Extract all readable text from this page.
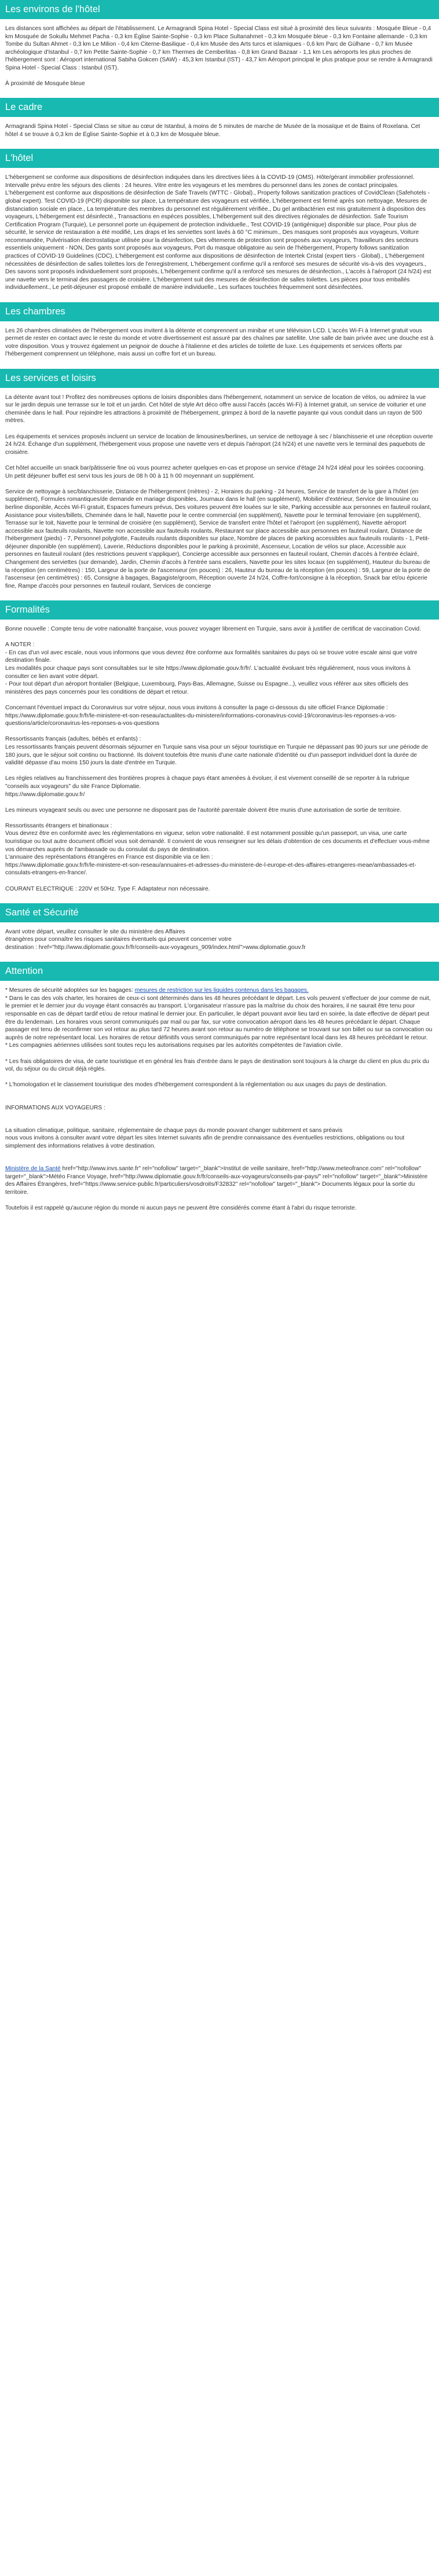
Les environs de l'hôtel

Les distances sont affichées au départ de l'établissement. Le Armagrandi Spina Hotel - Special Class est situé à proximité des lieux suivants : Mosquée Bleue - 0,4 km Mosquée de Sokullu Mehmet Pacha - 0,3 km Église Sainte-Sophie - 0,3 km Place Sultanahmet - 0,3 km Mosquée bleue - 0,3 km Fontaine allemande - 0,3 km Tombe du Sultan Ahmet - 0,3 km Le Milion - 0,4 km Citerne-Basilique - 0,4 km Musée des Arts turcs et islamiques - 0,6 km Parc de Gülhane - 0,7 km Musée archéologique d'Istanbul - 0,7 km Petite Sainte-Sophie - 0,7 km Thermes de Cemberlitas - 0,8 km Grand Bazaar - 1,1 km Les aéroports les plus proches de l'hébergement sont : Aéroport international Sabiha Gokcen (SAW) - 45,3 km Istanbul (IST) - 43,7 km Aéroport principal le plus pratique pour se rendre à Armagrandi Spina Hotel - Special Class : Istanbul (IST).

À proximité de Mosquée bleue

Le cadre

Armagrandi Spina Hotel - Special Class se situe au cœur de Istanbul, à moins de 5 minutes de marche de Musée de la mosaïque et de Bains of Roxelana. Cet hôtel 4 se trouve à 0,3 km de Église Sainte-Sophie et à 0,3 km de Mosquée bleue.

L'hôtel

L'hébergement se conforme aux dispositions de désinfection indiquées dans les directives liées à la COVID-19 (OMS). Hôte/gérant immobilier professionnel. Intervalle prévu entre les séjours des clients : 24 heures. Vitre entre les voyageurs et les membres du personnel dans les zones de contact principales. L'hébergement est conforme aux dispositions de désinfection de Safe Travels (WTTC - Global)., Property follows sanitization practices of CovidClean (Safehotels - global expert). Test COVID-19 (PCR) disponible sur place, La température des voyageurs est vérifiée, L'hébergement est fermé après son nettoyage, Mesures de distanciation sociale en place., La température des membres du personnel est régulièrement vérifiée., Du gel antibactérien est mis gratuitement à disposition des voyageurs, L'hébergement est désinfecté., Transactions en espèces possibles, L'hébergement suit des directives régionales de désinfection. Safe Tourism Certification Program (Turquie), Le personnel porte un équipement de protection individuelle., Test COVID-19 (antigénique) disponible sur place, Pour plus de sécurité, le service de restauration a été modifié, Les draps et les serviettes sont lavés à 60 °C minimum., Des masques sont proposés aux voyageurs, Voiture recommandée, Pulvérisation électrostatique utilisée pour la désinfection, Des vêtements de protection sont proposés aux voyageurs, Travailleurs des secteurs essentiels uniquement - NON, Des gants sont proposés aux voyageurs, Port du masque obligatoire au sein de l'hébergement, Property follows sanitization practices of COVID-19 Guidelines (CDC), L'hébergement est conforme aux dispositions de désinfection de Intertek Cristal (expert tiers - Global)., L'hébergement nécessitées de désinfection de salles toilettes lors de l'enregistrement, L'hébergement confirme qu'il a renforcé ses mesures de sécurité vis-à-vis des voyageurs., Des savons sont proposés individuellement sont proposés, L'hébergement confirme qu'il a renforcé ses mesures de désinfection., L'accès à l'aéroport (24 h/24) est une navette vers le terminal des passagers de croisière. L'hébergement suit des mesures de désinfection de salles toilettes. Les pièces pour tous emballés individuellement., Le petit-déjeuner est proposé emballé de manière individuelle., Les surfaces touchées fréquemment sont désinfectées.

Les chambres

Les 26 chambres climatisées de l'hébergement vous invitent à la détente et comprennent un minibar et une télévision LCD. L'accès Wi-Fi à Internet gratuit vous permet de rester en contact avec le reste du monde et votre divertissement est assuré par des chaînes par satellite. Une salle de bain privée avec une douche est à votre disposition. Vous y trouvez également un peignoir de douche à l'italienne et des articles de toilette de luxe. Les équipements et services offerts par l'hébergement comprennent un téléphone, mais aussi un coffre fort et un bureau.

Les services et loisirs

La détente avant tout ! Profitez des nombreuses options de loisirs disponibles dans l'hébergement, notamment un service de location de vélos, ou admirez la vue sur le jardin depuis une terrasse sur le toit et un jardin. Cet hôtel de style Art déco offre aussi l'accès (accès Wi-Fi) à Internet gratuit, un service de voiturier et une cheminée dans le hall. Pour rejoindre les attractions à proximité de l'hébergement, grimpez à bord de la navette payante qui vous conduit dans un rayon de 500 mètres.

Les équipements et services proposés incluent un service de location de limousines/berlines, un service de nettoyage à sec / blanchisserie et une réception ouverte 24 h/24. Échange d'un supplément, l'hébergement vous propose une navette vers et depuis l'aéroport (24 h/24) et une navette vers le terminal des paquebots de croisière.

Cet hôtel accueille un snack bar/pâtisserie fine où vous pourrez acheter quelques en-cas et propose un service d'étage 24 h/24 idéal pour les soirées cocooning. Un petit déjeuner buffet est servi tous les jours de 08 h 00 à 11 h 00 moyennant un supplément.

Service de nettoyage à sec/blanchisserie, Distance de l'hébergement (mètres) - 2, Horaires du parking - 24 heures, Service de transfert de la gare à l'hôtel (en supplément), Formules romantiques/de demande en mariage disponibles, Journaux dans le hall (en supplément), Mobilier d'extérieur, Service de limousine ou berline disponible, Accès Wi-Fi gratuit, Espaces fumeurs prévus, Des voitures peuvent être louées sur le site, Parking accessible aux personnes en fauteuil roulant, Assistance pour visites/billets, Cheminée dans le hall, Navette pour le centre commercial (en supplément), Navette pour le terminal ferroviaire (en supplément), Terrasse sur le toit, Navette pour le terminal de croisière (en supplément), Service de transfert entre l'hôtel et l'aéroport (en supplément), Navette aéroport accessible aux fauteuils roulants, Navette non accessible aux fauteuils roulants, Restaurant sur place accessible aux personnes en fauteuil roulant, Distance de l'hébergement (pieds) - 7, Personnel polyglotte, Fauteuils roulants disponibles sur place, Nombre de places de parking accessibles aux fauteuils roulants - 1, Petit-déjeuner disponible (en supplément), Laverie, Réductions disponibles pour le parking à proximité, Ascenseur, Location de vélos sur place, Accessible aux personnes en fauteuil roulant (des restrictions peuvent s'appliquer), Concierge accessible aux personnes en fauteuil roulant, Chemin d'accès à l'entrée éclairé, Changement des serviettes (sur demande), Jardin, Chemin d'accès à l'entrée sans escaliers, Navette pour les sites locaux (en supplément), Hauteur du bureau de la réception (en centimètres) : 150, Largeur de la porte de l'ascenseur (en pouces) : 26, Hauteur du bureau de la réception (en pouces) : 59, Largeur de la porte de l'ascenseur (en centimètres) : 65, Consigne à bagages, Bagagiste/groom, Réception ouverte 24 h/24, Coffre-fort/consigne à la réception, Snack bar et/ou épicerie fine, Rampe d'accès pour personnes en fauteuil roulant, Services de concierge

Formalités

Bonne nouvelle : Compte tenu de votre nationalité française, vous pouvez voyager librement en Turquie, sans avoir à justifier de certificat de vaccination Covid.

A NOTER :
- En cas d'un vol avec escale, nous vous informons que vous devrez être conforme aux formalités sanitaires du pays où se trouve votre escale ainsi que votre destination finale.
Les modalités pour chaque pays sont consultables sur le site https://www.diplomatie.gouv.fr/fr/. L'actualité évoluant très régulièrement, nous vous invitons à consulter ce lien avant votre départ.
- Pour tout départ d'un aéroport frontalier (Belgique, Luxembourg, Pays-Bas, Allemagne, Suisse ou Espagne...), veuillez vous référer aux sites officiels des ministères des pays concernés pour les conditions de départ et retour.

Concernant l'éventuel impact du Coronavirus sur votre séjour, nous vous invitons à consulter la page ci-dessous du site officiel France Diplomatie :
https://www.diplomatie.gouv.fr/fr/le-ministere-et-son-reseau/actualites-du-ministere/informations-coronavirus-covid-19/coronavirus-les-reponses-a-vos-questions/article/coronavirus-les-reponses-a-vos-questions

Ressortissants français (adultes, bébés et enfants) :
Les ressortissants français peuvent désormais séjourner en Turquie sans visa pour un séjour touristique en Turquie ne dépassant pas 90 jours sur une période de 180 jours, que le séjour soit continu ou fractionné. Ils doivent toutefois être munis d'une carte nationale d'identité ou d'un passeport individuel dont la durée de validité dépasse d'au moins 150 jours la date d'entrée en Turquie.

Les règles relatives au franchissement des frontières propres à chaque pays étant amenées à évoluer, il est vivement conseillé de se reporter à la rubrique "conseils aux voyageurs" du site France Diplomatie.
https://www.diplomatie.gouv.fr/

Les mineurs voyageant seuls ou avec une personne ne disposant pas de l'autorité parentale doivent être munis d'une autorisation de sortie de territoire.

Ressortissants étrangers et binationaux :
Vous devrez être en conformité avec les réglementations en vigueur, selon votre nationalité. Il est notamment possible qu'un passeport, un visa, une carte touristique ou tout autre document officiel vous soit demandé. Il convient de vous renseigner sur les délais d'obtention de ces documents et d'effectuer vous-même vos démarches auprès de l'ambassade ou du consulat du pays de destination.
L'annuaire des représentations étrangères en France est disponible via ce lien :
https://www.diplomatie.gouv.fr/fr/le-ministere-et-son-reseau/annuaires-et-adresses-du-ministere-de-l-europe-et-des-affaires-etrangeres-meae/ambassades-et-consulats-etrangers-en-france/.

COURANT ELECTRIQUE : 220V et 50Hz. Type F. Adaptateur non nécessaire.

Santé et Sécurité

Avant votre départ, veuillez consulter le site du ministère des Affaires
étrangères pour connaître les risques sanitaires éventuels qui peuvent concerner votre
destination : href="http://www.diplomatie.gouv.fr/fr/conseils-aux-voyageurs_909/index.html">www.diplomatie.gouv.fr

Attention

* Mesures de sécurité adoptées sur les bagages: mesures de restriction sur les liquides contenus dans les bagages.
* Dans le cas des vols charter, les horaires de ceux-ci sont déterminés dans les 48 heures précédant le départ. Les vols peuvent s'effectuer de jour comme de nuit, le premier et le dernier jour du voyage étant consacrés au transport. L'organisateur n'assure pas la maîtrise du choix des horaires, il ne saurait être tenu pour responsable en cas de départ tardif et/ou de retour matinal le dernier jour. En particulier, le départ pouvant avoir lieu tard en soirée, la date effective de départ peut être du lendemain. Les horaires vous seront communiqués par mail ou par fax, sur votre convocation aéroport dans les 48 heures précédant le départ. Chaque passager est tenu de reconfirmer son vol retour au plus tard 72 heures avant son retour au numéro de téléphone se trouvant sur son billet ou sur sa convocation ou auprès de notre représentant local. Les horaires de retour définitifs vous seront communiqués par notre représentant local dans les 48 heures précédant le retour.
* Les compagnies aériennes utilisées sont toutes reçu les autorisations requises par les autorités compétentes de l'aviation civile.

* Les frais obligatoires de visa, de carte touristique et en général les frais d'entrée dans le pays de destination sont toujours à la charge du client en plus du prix du vol, du séjour ou du circuit déjà réglés.

* L'homologation et le classement touristique des modes d'hébergement correspondent à la réglementation ou aux usages du pays de destination.

INFORMATIONS AUX VOYAGEURS :

La situation climatique, politique, sanitaire, réglementaire de chaque pays du monde pouvant changer subitement et sans préavis
nous vous invitons à consulter avant votre départ les sites Internet suivants afin de prendre connaissance des éventuelles restrictions, obligations ou tout simplement des informations relatives à votre destination.

Ministère de la Santé href="http://www.invs.sante.fr" rel="nofollow" target="_blank">Institut de veille sanitaire, href="http://www.meteofrance.com" rel="nofollow" target="_blank">Météo France Voyage, href="http://www.diplomatie.gouv.fr/fr/conseils-aux-voyageurs/conseils-par-pays/" rel="nofollow" target="_blank">Ministère des Affaires Étrangères, href="https://www.service-public.fr/particuliers/vosdroits/F32832" rel="nofollow" target="_blank"> Documents légaux pour la sortie du territoire.

Toutefois il est rappelé qu'aucune région du monde ni aucun pays ne peuvent être considérés comme étant à l'abri du risque terroriste.
